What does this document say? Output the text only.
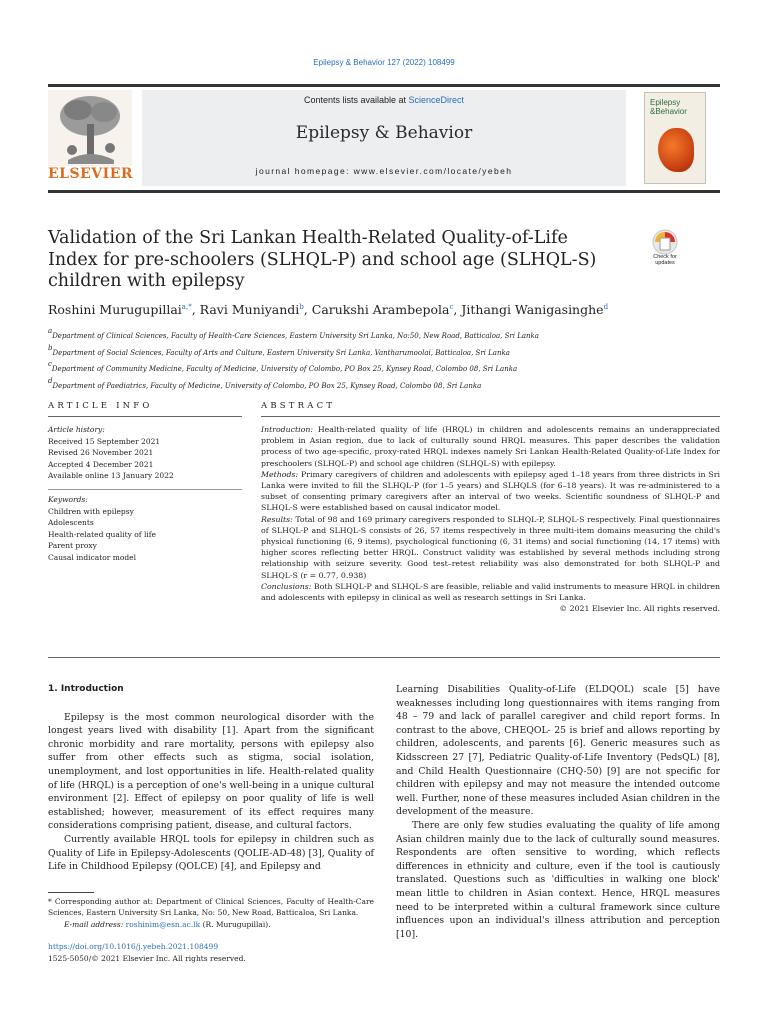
Epilepsy & Behavior 127 (2022) 108499
ELSEVIER
Contents lists available at ScienceDirect
Epilepsy & Behavior
journal homepage: www.elsevier.com/locate/yebeh
Epilepsy
&Behavior
Validation of the Sri Lankan Health-Related Quality-of-Life Index for pre-schoolers (SLHQL-P) and school age (SLHQL-S) children with epilepsy
Check for
updates
Roshini Murugupillai$^{a,*}$, Ravi Muniyandi$^b$, Carukshi Arambepola$^c$, Jithangi Wanigasinghe$^d$
$^a$Department of Clinical Sciences, Faculty of Health-Care Sciences, Eastern University Sri Lanka, No:50, New Road, Batticaloa, Sri Lanka
$^b$Department of Social Sciences, Faculty of Arts and Culture, Eastern University Sri Lanka, Vantharumoolai, Batticaloa, Sri Lanka
$^c$Department of Community Medicine, Faculty of Medicine, University of Colombo, PO Box 25, Kynsey Road, Colombo 08, Sri Lanka
$^d$Department of Paediatrics, Faculty of Medicine, University of Colombo, PO Box 25, Kynsey Road, Colombo 08, Sri Lanka
ARTICLE INFO
Article history:
Received 15 September 2021
Revised 26 November 2021
Accepted 4 December 2021
Available online 13 January 2022
Keywords:
Children with epilepsy
Adolescents
Health-related quality of life
Parent proxy
Causal indicator model
ABSTRACT

Introduction: Health-related quality of life (HRQL) in children and adolescents remains an underappreciated problem in Asian region, due to lack of culturally sound HRQL measures. This paper describes the validation process of two age-specific, proxy-rated HRQL indexes namely Sri Lankan Health-Related Quality-of-Life Index for preschoolers (SLHQL-P) and school age children (SLHQL-S) with epilepsy.

Methods: Primary caregivers of children and adolescents with epilepsy aged 1–18 years from three districts in Sri Lanka were invited to fill the SLHQL-P (for 1–5 years) and SLHQLS (for 6–18 years). It was re-administered to a subset of consenting primary caregivers after an interval of two weeks. Scientific soundness of SLHQL-P and SLHQL-S were established based on causal indicator model.

Results: Total of 98 and 169 primary caregivers responded to SLHQL-P, SLHQL-S respectively. Final questionnaires of SLHQL-P and SLHQL-S consists of 26, 57 items respectively in three multi-item domains measuring the child's physical functioning (6, 9 items), psychological functioning (6, 31 items) and social functioning (14, 17 items) with higher scores reflecting better HRQL. Construct validity was established by several methods including strong relationship with seizure severity. Good test–retest reliability was also demonstrated for both SLHQL-P and SLHQL-S (r = 0.77, 0.938)

Conclusions: Both SLHQL-P and SLHQL-S are feasible, reliable and valid instruments to measure HRQL in children and adolescents with epilepsy in clinical as well as research settings in Sri Lanka.

© 2021 Elsevier Inc. All rights reserved.

1. Introduction

Epilepsy is the most common neurological disorder with the longest years lived with disability [1]. Apart from the significant chronic morbidity and rare mortality, persons with epilepsy also suffer from other effects such as stigma, social isolation, unemployment, and lost opportunities in life. Health-related quality of life (HRQL) is a perception of one's well-being in a unique cultural environment [2]. Effect of epilepsy on poor quality of life is well established; however, measurement of its effect requires many considerations comprising patient, disease, and cultural factors.

Currently available HRQL tools for epilepsy in children such as Quality of Life in Epilepsy-Adolescents (QOLIE-AD-48) [3], Quality of Life in Childhood Epilepsy (QOLCE) [4], and Epilepsy and

Learning Disabilities Quality-of-Life (ELDQOL) scale [5] have weaknesses including long questionnaires with items ranging from 48 – 79 and lack of parallel caregiver and child report forms. In contrast to the above, CHEQOL- 25 is brief and allows reporting by children, adolescents, and parents [6]. Generic measures such as Kidsscreen 27 [7], Pediatric Quality-of-Life Inventory (PedsQL) [8], and Child Health Questionnaire (CHQ-50) [9] are not specific for children with epilepsy and may not measure the intended outcome well. Further, none of these measures included Asian children in the development of the measure.

There are only few studies evaluating the quality of life among Asian children mainly due to the lack of culturally sound measures. Respondents are often sensitive to wording, which reflects differences in ethnicity and culture, even if the tool is cautiously translated. Questions such as 'difficulties in walking one block' mean little to children in Asian context. Hence, HRQL measures need to be interpreted within a cultural framework since culture influences upon an individual's illness attribution and perception [10].

* Corresponding author at: Department of Clinical Sciences, Faculty of Health-Care Sciences, Eastern University Sri Lanka, No: 50, New Road, Batticaloa, Sri Lanka.
E-mail address: roshinim@esn.ac.lk (R. Murugupillai).
https://doi.org/10.1016/j.yebeh.2021.108499
1525-5050/© 2021 Elsevier Inc. All rights reserved.
